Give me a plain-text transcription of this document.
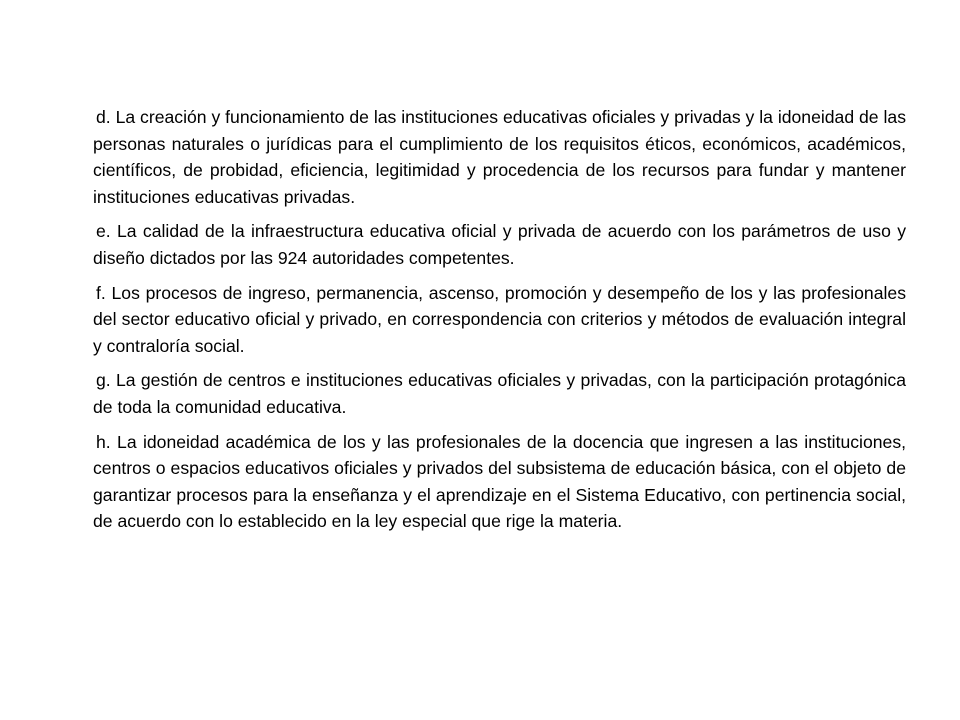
d. La creación y funcionamiento de las instituciones educativas oficiales y privadas y la idoneidad de las personas naturales o jurídicas para el cumplimiento de los requisitos éticos, económicos, académicos, científicos, de probidad, eficiencia, legitimidad y procedencia de los recursos para fundar y mantener instituciones educativas privadas.

e. La calidad de la infraestructura educativa oficial y privada de acuerdo con los parámetros de uso y diseño dictados por las 924 autoridades competentes.

f. Los procesos de ingreso, permanencia, ascenso, promoción y desempeño de los y las profesionales del sector educativo oficial y privado, en correspondencia con criterios y métodos de evaluación integral y contraloría social.

g. La gestión de centros e instituciones educativas oficiales y privadas, con la participación protagónica de toda la comunidad educativa.

h. La idoneidad académica de los y las profesionales de la docencia que ingresen a las instituciones, centros o espacios educativos oficiales y privados del subsistema de educación básica, con el objeto de garantizar procesos para la enseñanza y el aprendizaje en el Sistema Educativo, con pertinencia social, de acuerdo con lo establecido en la ley especial que rige la materia.
